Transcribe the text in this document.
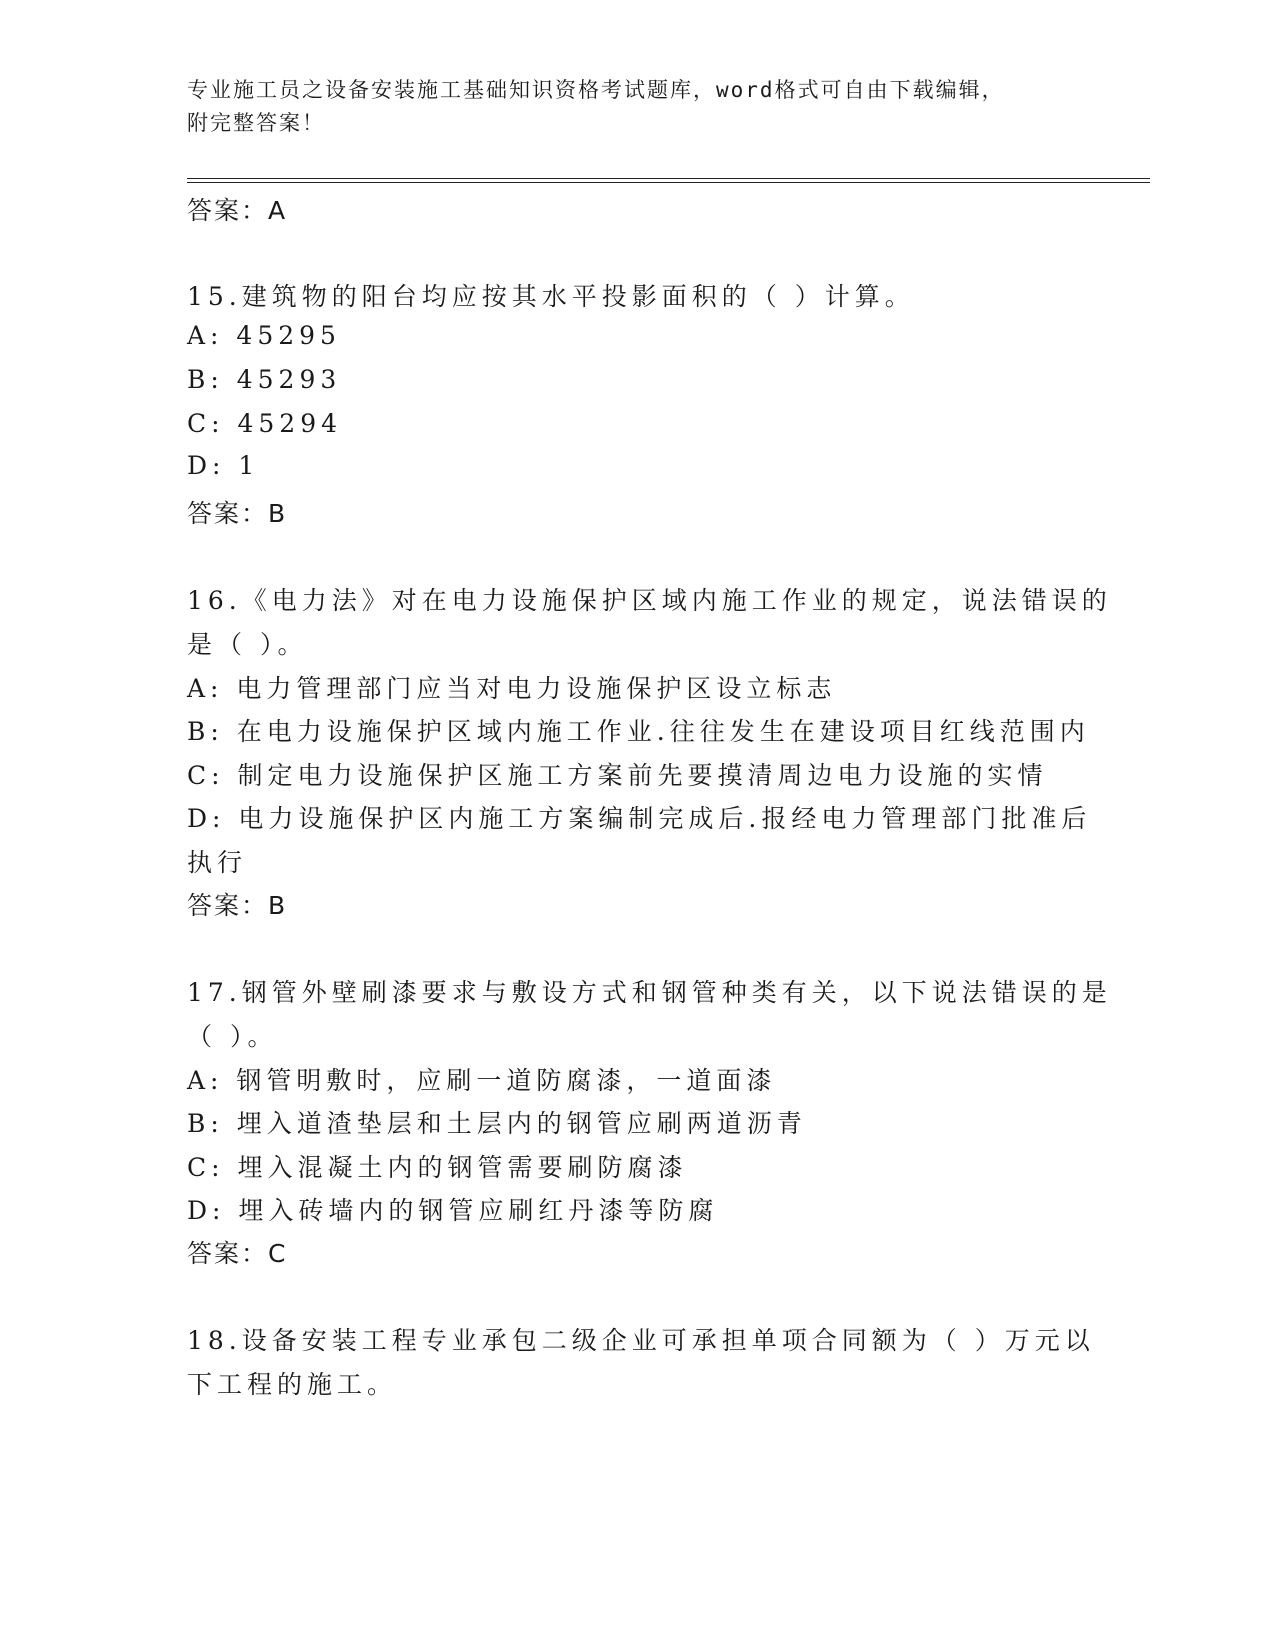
专业施工员之设备安装施工基础知识资格考试题库，word格式可自由下载编辑，
附完整答案！
答案：A
15.建筑物的阳台均应按其水平投影面积的（ ）计算。
A: 45295
B: 45293
C: 45294
D: 1
答案：B
16.《电力法》对在电力设施保护区域内施工作业的规定，说法错误的
是（ ）。
A: 电力管理部门应当对电力设施保护区设立标志
B: 在电力设施保护区域内施工作业.往往发生在建设项目红线范围内
C: 制定电力设施保护区施工方案前先要摸清周边电力设施的实情
D: 电力设施保护区内施工方案编制完成后.报经电力管理部门批准后
执行
答案：B
17.钢管外壁刷漆要求与敷设方式和钢管种类有关，以下说法错误的是
（ ）。
A: 钢管明敷时，应刷一道防腐漆，一道面漆
B: 埋入道渣垫层和土层内的钢管应刷两道沥青
C: 埋入混凝土内的钢管需要刷防腐漆
D: 埋入砖墙内的钢管应刷红丹漆等防腐
答案：C
18.设备安装工程专业承包二级企业可承担单项合同额为（ ）万元以
下工程的施工。
